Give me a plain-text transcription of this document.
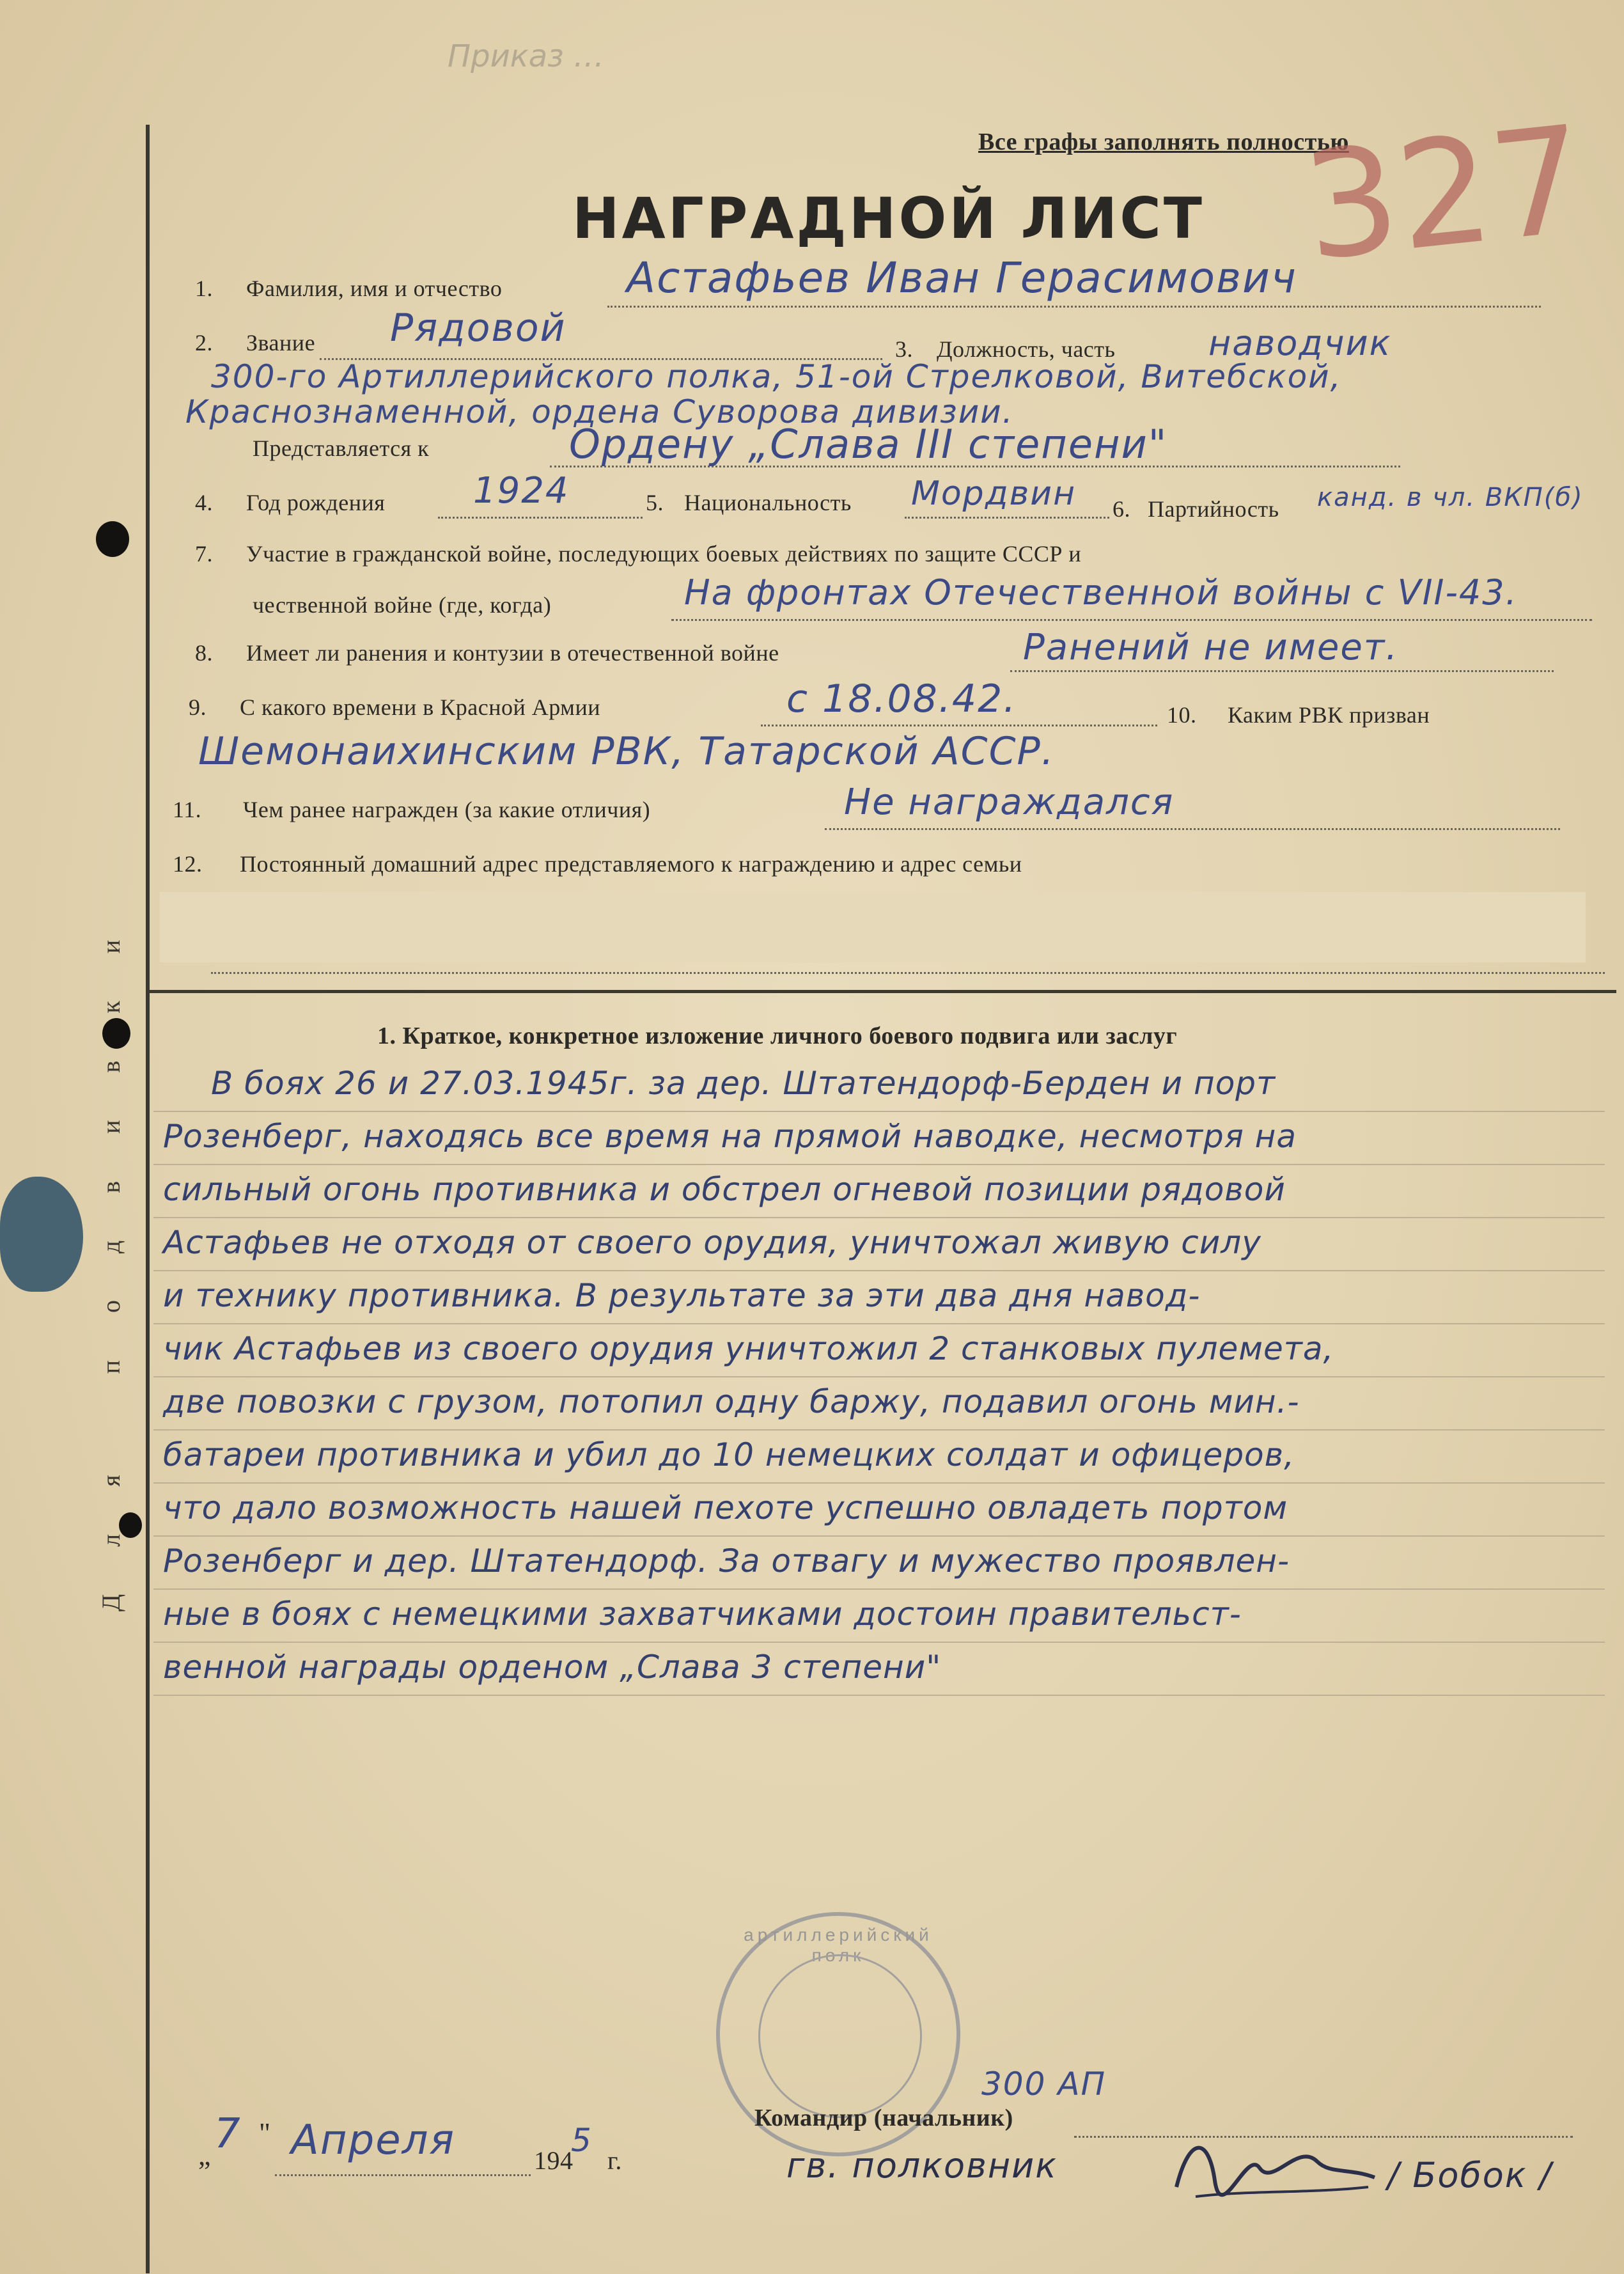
Приказ …
Все графы заполнять полностью
327
НАГРАДНОЙ ЛИСТ
1. Фамилия, имя и отчество	Астафьев Иван Герасимович
2. Звание Рядовой	3. Должность, часть	наводчик
300-го Артиллерийского полка, 51-ой Стрелковой, Витебской,
Краснознаменной, ордена Суворова дивизии.
Представляется к	Ордену „Слава III степени"
4. Год рождения 1924	5. Национальность Мордвин 6. Партийность канд. в чл. ВКП(б)
7. Участие в гражданской войне, последующих боевых действиях по защите СССР и
чественной войне (где, когда)	На фронтах Отечественной войны с VII-43.
8. Имеет ли ранения и контузии в отечественной войне	Ранений не имеет.
9. С какого времени в Красной Армии	с 18.08.42.	10. Каким РВК призван
Шемонаихинским РВК, Татарской АССР.
11. Чем ранее награжден (за какие отличия)	Не награждался
12. Постоянный домашний адрес представляемого к награждению и адрес семьи
Для подвивки	1. Краткое, конкретное изложение личного боевого подвига или заслуг
В боях 26 и 27.03.1945г. за дер. Штатендорф-Берден и порт
Розенберг, находясь все время на прямой наводке, несмотря на
сильный огонь противника и обстрел огневой позиции рядовой
Астафьев не отходя от своего орудия, уничтожал живую силу
и технику противника. В результате за эти два дня навод-
чик Астафьев из своего орудия уничтожил 2 станковых пулемета,
две повозки с грузом, потопил одну баржу, подавил огонь мин.-
батареи противника и убил до 10 немецких солдат и офицеров,
что дало возможность нашей пехоте успешно овладеть портом
Розенберг и дер. Штатендорф. За отвагу и мужество проявлен-
ные в боях с немецкими захватчиками достоин правительст-
венной награды орденом „Слава 3 степени"
артиллерийский полк
„ 7 " Апреля	194
5
г.
300 АП
Командир (начальник)
гв. полковник	/ Бобок /
